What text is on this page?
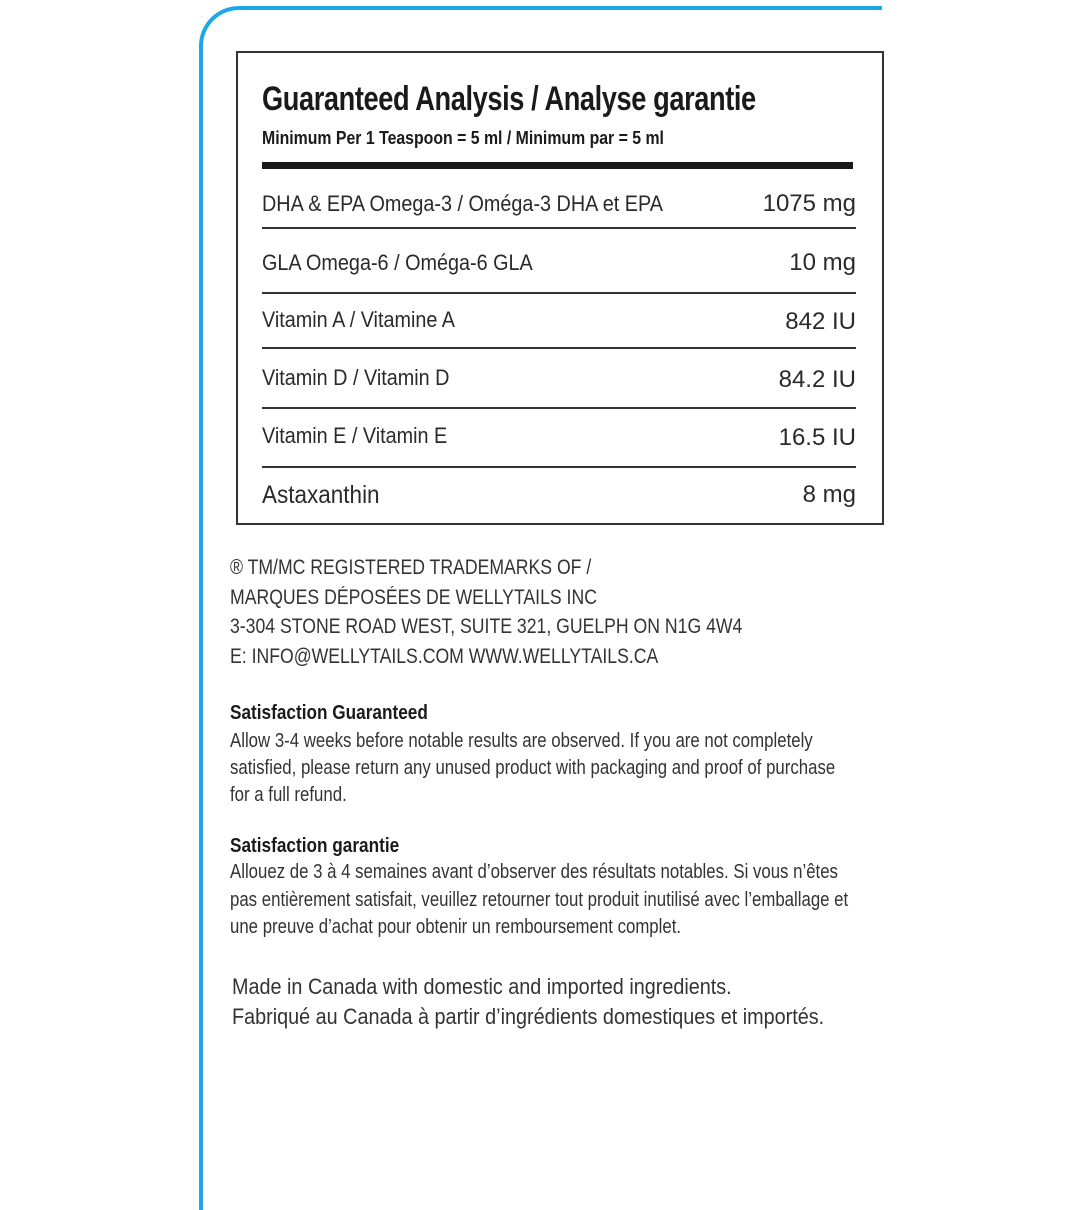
Guaranteed Analysis / Analyse garantie
Minimum Per 1 Teaspoon = 5 ml / Minimum par = 5 ml
DHA & EPA Omega-3 / Oméga-3 DHA et EPA	1075 mg
GLA Omega-6 / Oméga-6 GLA	10 mg
Vitamin A / Vitamine A	842 IU
Vitamin D / Vitamin D	84.2 IU
Vitamin E / Vitamin E	16.5 IU
Astaxanthin	8 mg
® TM/MC REGISTERED TRADEMARKS OF /
MARQUES DÉPOSÉES DE WELLYTAILS INC
3-304 STONE ROAD WEST, SUITE 321, GUELPH ON N1G 4W4
E: INFO@WELLYTAILS.COM WWW.WELLYTAILS.CA
Satisfaction Guaranteed
Allow 3-4 weeks before notable results are observed. If you are not completely
satisfied, please return any unused product with packaging and proof of purchase
for a full refund.
Satisfaction garantie
Allouez de 3 à 4 semaines avant d’observer des résultats notables. Si vous n’êtes
pas entièrement satisfait, veuillez retourner tout produit inutilisé avec l’emballage et
une preuve d’achat pour obtenir un remboursement complet.
Made in Canada with domestic and imported ingredients.
Fabriqué au Canada à partir d’ingrédients domestiques et importés.
